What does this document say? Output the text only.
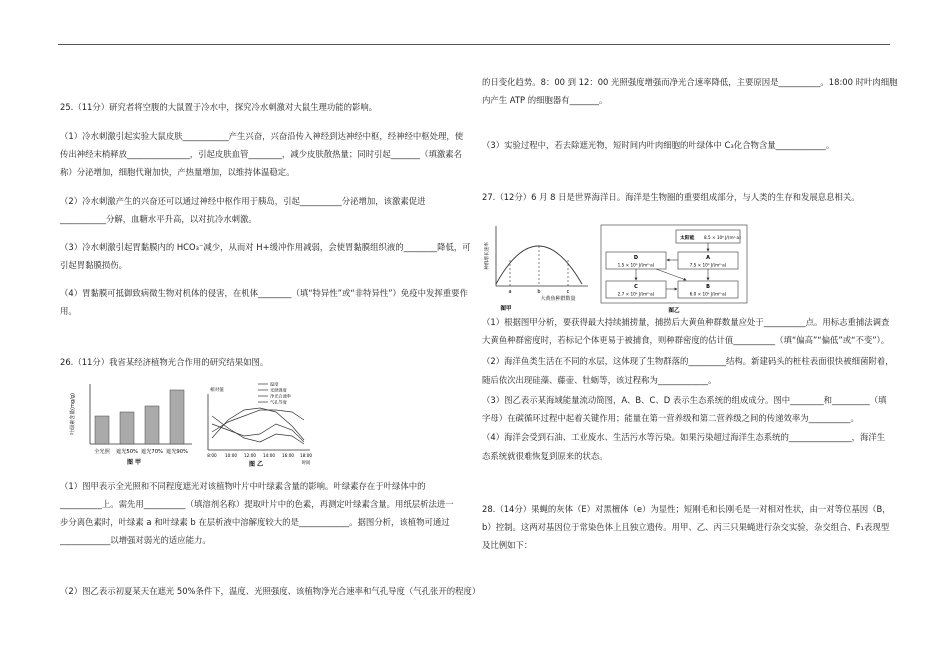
25.（11分）研究者将空腹的大鼠置于冷水中，探究冷水刺激对大鼠生理功能的影响。
（1）冷水刺激引起实验大鼠皮肤___________产生兴奋，兴奋沿传入神经到达神经中枢，经神经中枢处理，使
传出神经末梢释放_______________，引起皮肤血管________，减少皮肤散热量；同时引起_______（填激素名
称）分泌增加，细胞代谢加快，产热量增加，以维持体温稳定。
（2）冷水刺激产生的兴奋还可以通过神经中枢作用于胰岛，引起__________分泌增加，该激素促进
___________分解，血糖水平升高，以对抗冷水刺激。
（3）冷水刺激引起胃黏膜内的 HCO₃⁻减少，从而对 H+缓冲作用减弱，会使胃黏膜组织液的________降低，可
引起胃黏膜损伤。
（4）胃黏膜可抵御致病微生物对机体的侵害，在机体________（填“特异性”或“非特异性”）免疫中发挥重要作
用。
26.（11分）我省某经济植物光合作用的研究结果如图。
叶绿素含量(mg/g)
全光照 遮光50% 遮光70% 遮光90%
图 甲
相对值
温度
光照强度
净光合速率
气孔导度
8:00 10:00 12:00 14:00 16:00 18:00
时间
图 乙
（1）图甲表示全光照和不同程度遮光对该植物叶片中叶绿素含量的影响。叶绿素存在于叶绿体中的
__________上。需先用__________（填溶剂名称）提取叶片中的色素，再测定叶绿素含量。用纸层析法进一
步分离色素时，叶绿素 a 和叶绿素 b 在层析液中溶解度较大的是____________。据图分析，该植物可通过
____________以增强对弱光的适应能力。
（2）图乙表示初夏某天在遮光 50%条件下，温度、光照强度、该植物净光合速率和气孔导度（气孔张开的程度）
的日变化趋势。8：00 到 12：00 光照强度增强而净光合速率降低，主要原因是__________。18:00 时叶肉细胞
内产生 ATP 的细胞器有_______。
（3）实验过程中，若去除遮光物，短时间内叶肉细胞的叶绿体中 C₃化合物含量____________。
27.（12分）6 月 8 日是世界海洋日。海洋是生物圈的重要组成部分，与人类的生存和发展息息相关。
种群增长速率
a	b	c
大黄鱼种群数量
图甲
太阳能 8.5 × 10⁸ J/(m²·a)
A
7.5 × 10⁶ J/(m²·a)
D
1.5 × 10⁶ J/(m²·a)
C
2.7 × 10⁵ J/(m²·a)
B
6.0 × 10⁵ J/(m²·a)
图乙
（1）根据图甲分析，要获得最大持续捕捞量，捕捞后大黄鱼种群数量应处于__________点。用标志重捕法调查
大黄鱼种群密度时，若标记个体更易于被捕食，则种群密度的估计值__________（填“偏高”“偏低”或“不变”）。
（2）海洋鱼类生活在不同的水层，这体现了生物群落的_________结构。新建码头的桩柱表面很快被细菌附着，
随后依次出现硅藻、藤壶、牡蛎等，该过程称为____________。
（3）图乙表示某海域能量流动简图，A、B、C、D 表示生态系统的组成成分。图中________和_________（填
字母）在碳循环过程中起着关键作用；能量在第一营养级和第二营养级之间的传递效率为__________。
（4）海洋会受到石油、工业废水、生活污水等污染。如果污染超过海洋生态系统的_______________，海洋生
态系统就很难恢复到原来的状态。
28.（14分）果蝇的灰体（E）对黑檀体（e）为显性；短刚毛和长刚毛是一对相对性状，由一对等位基因（B，
b）控制。这两对基因位于常染色体上且独立遗传。用甲、乙、丙三只果蝇进行杂交实验，杂交组合、F₁表现型
及比例如下：
